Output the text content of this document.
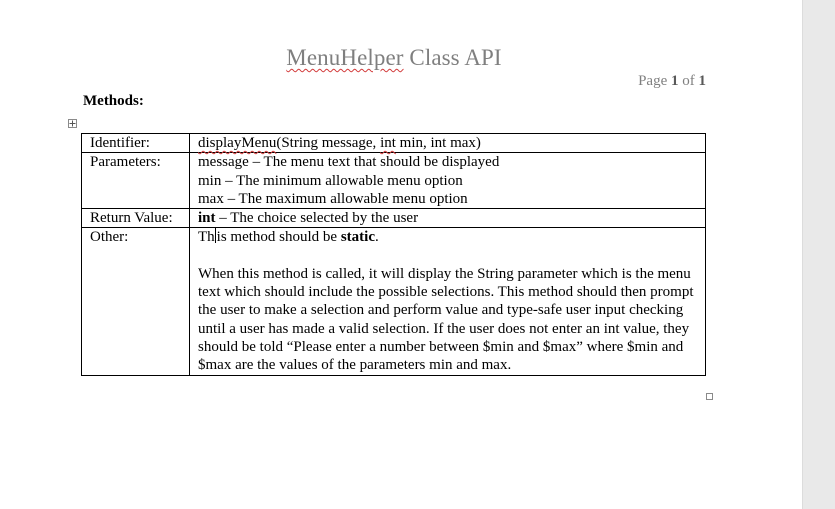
MenuHelper Class API
Page 1 of 1
Methods:
Identifier:	displayMenu(String message, int min, int max)
Parameters:	message – The menu text that should be displayed
min – The minimum allowable menu option
max – The maximum allowable menu option

Return Value:	int – The choice selected by the user
Other:	Th is method should be static.
When this method is called, it will display the String parameter which is the menu text which should include the possible selections. This method should then prompt the user to make a selection and perform value and type-safe user input checking until a user has made a valid selection. If the user does not enter an int value, they should be told “Please enter a number between $min and $max” where $min and $max are the values of the parameters min and max.
